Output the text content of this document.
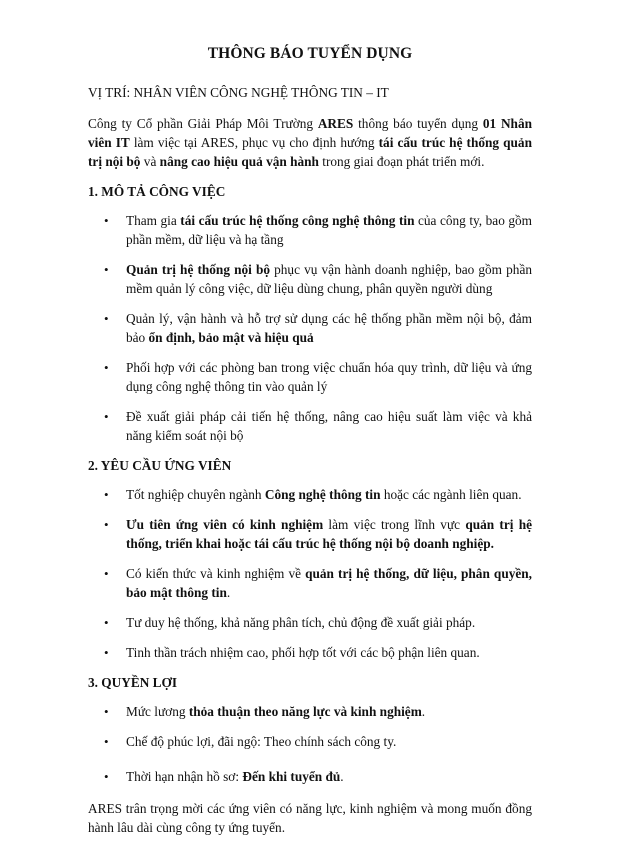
THÔNG BÁO TUYỂN DỤNG
VỊ TRÍ: NHÂN VIÊN CÔNG NGHỆ THÔNG TIN – IT

Công ty Cổ phần Giải Pháp Môi Trường ARES thông báo tuyển dụng 01 Nhân viên IT làm việc tại ARES, phục vụ cho định hướng tái cấu trúc hệ thống quản trị nội bộ và nâng cao hiệu quả vận hành trong giai đoạn phát triển mới.

1. MÔ TẢ CÔNG VIỆC
• Tham gia tái cấu trúc hệ thống công nghệ thông tin của công ty, bao gồm phần mềm, dữ liệu và hạ tầng
• Quản trị hệ thống nội bộ phục vụ vận hành doanh nghiệp, bao gồm phần mềm quản lý công việc, dữ liệu dùng chung, phân quyền người dùng
• Quản lý, vận hành và hỗ trợ sử dụng các hệ thống phần mềm nội bộ, đảm bảo ổn định, bảo mật và hiệu quả
• Phối hợp với các phòng ban trong việc chuẩn hóa quy trình, dữ liệu và ứng dụng công nghệ thông tin vào quản lý
• Đề xuất giải pháp cải tiến hệ thống, nâng cao hiệu suất làm việc và khả năng kiểm soát nội bộ
2. YÊU CẦU ỨNG VIÊN
• Tốt nghiệp chuyên ngành Công nghệ thông tin hoặc các ngành liên quan.
• Ưu tiên ứng viên có kinh nghiệm làm việc trong lĩnh vực quản trị hệ thống, triển khai hoặc tái cấu trúc hệ thống nội bộ doanh nghiệp.
• Có kiến thức và kinh nghiệm về quản trị hệ thống, dữ liệu, phân quyền, bảo mật thông tin.
• Tư duy hệ thống, khả năng phân tích, chủ động đề xuất giải pháp.
• Tinh thần trách nhiệm cao, phối hợp tốt với các bộ phận liên quan.
3. QUYỀN LỢI
• Mức lương thỏa thuận theo năng lực và kinh nghiệm.
• Chế độ phúc lợi, đãi ngộ: Theo chính sách công ty.
• Thời hạn nhận hồ sơ: Đến khi tuyển đủ.

ARES trân trọng mời các ứng viên có năng lực, kinh nghiệm và mong muốn đồng hành lâu dài cùng công ty ứng tuyển.
